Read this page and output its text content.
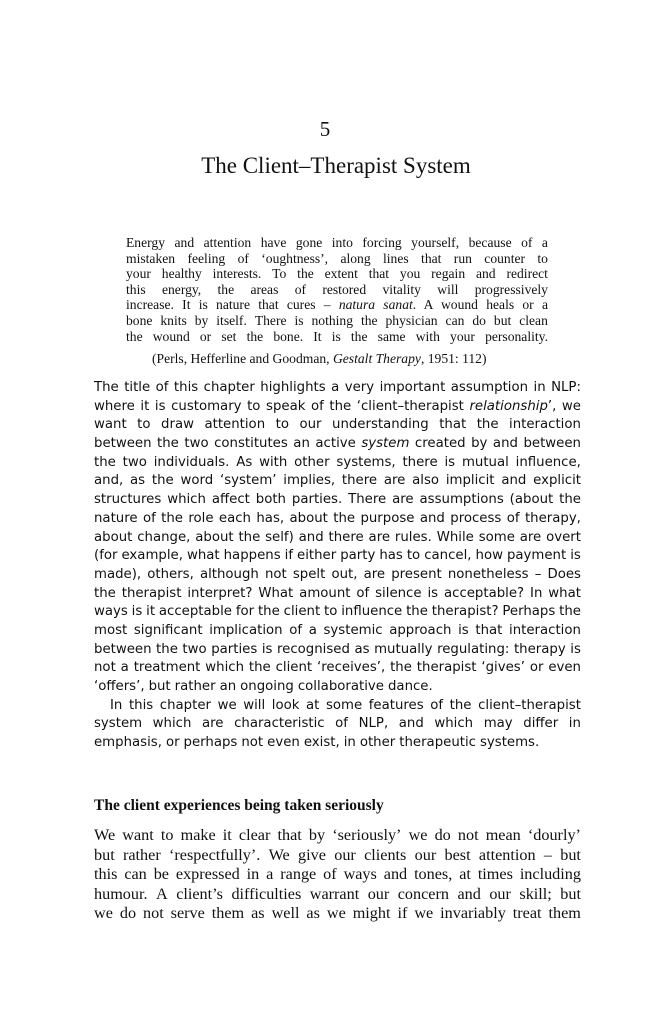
5
The Client–Therapist System
Energy and attention have gone into forcing yourself, because of a
mistaken feeling of ‘oughtness’, along lines that run counter to
your healthy interests. To the extent that you regain and redirect
this energy, the areas of restored vitality will progressively
increase. It is nature that cures – natura sanat. A wound heals or a
bone knits by itself. There is nothing the physician can do but clean
the wound or set the bone. It is the same with your personality.
(Perls, Hefferline and Goodman, Gestalt Therapy, 1951: 112)
The title of this chapter highlights a very important assumption in NLP:
where it is customary to speak of the ‘client–therapist relationship’, we
want to draw attention to our understanding that the interaction
between the two constitutes an active system created by and between
the two individuals. As with other systems, there is mutual influence,
and, as the word ‘system’ implies, there are also implicit and explicit
structures which affect both parties. There are assumptions (about the
nature of the role each has, about the purpose and process of therapy,
about change, about the self) and there are rules. While some are overt
(for example, what happens if either party has to cancel, how payment is
made), others, although not spelt out, are present nonetheless – Does
the therapist interpret? What amount of silence is acceptable? In what
ways is it acceptable for the client to influence the therapist? Perhaps the
most significant implication of a systemic approach is that interaction
between the two parties is recognised as mutually regulating: therapy is
not a treatment which the client ‘receives’, the therapist ‘gives’ or even
‘offers’, but rather an ongoing collaborative dance.
In this chapter we will look at some features of the client–therapist
system which are characteristic of NLP, and which may differ in
emphasis, or perhaps not even exist, in other therapeutic systems.
The client experiences being taken seriously
We want to make it clear that by ‘seriously’ we do not mean ‘dourly’
but rather ‘respectfully’. We give our clients our best attention – but
this can be expressed in a range of ways and tones, at times including
humour. A client’s difficulties warrant our concern and our skill; but
we do not serve them as well as we might if we invariably treat them
